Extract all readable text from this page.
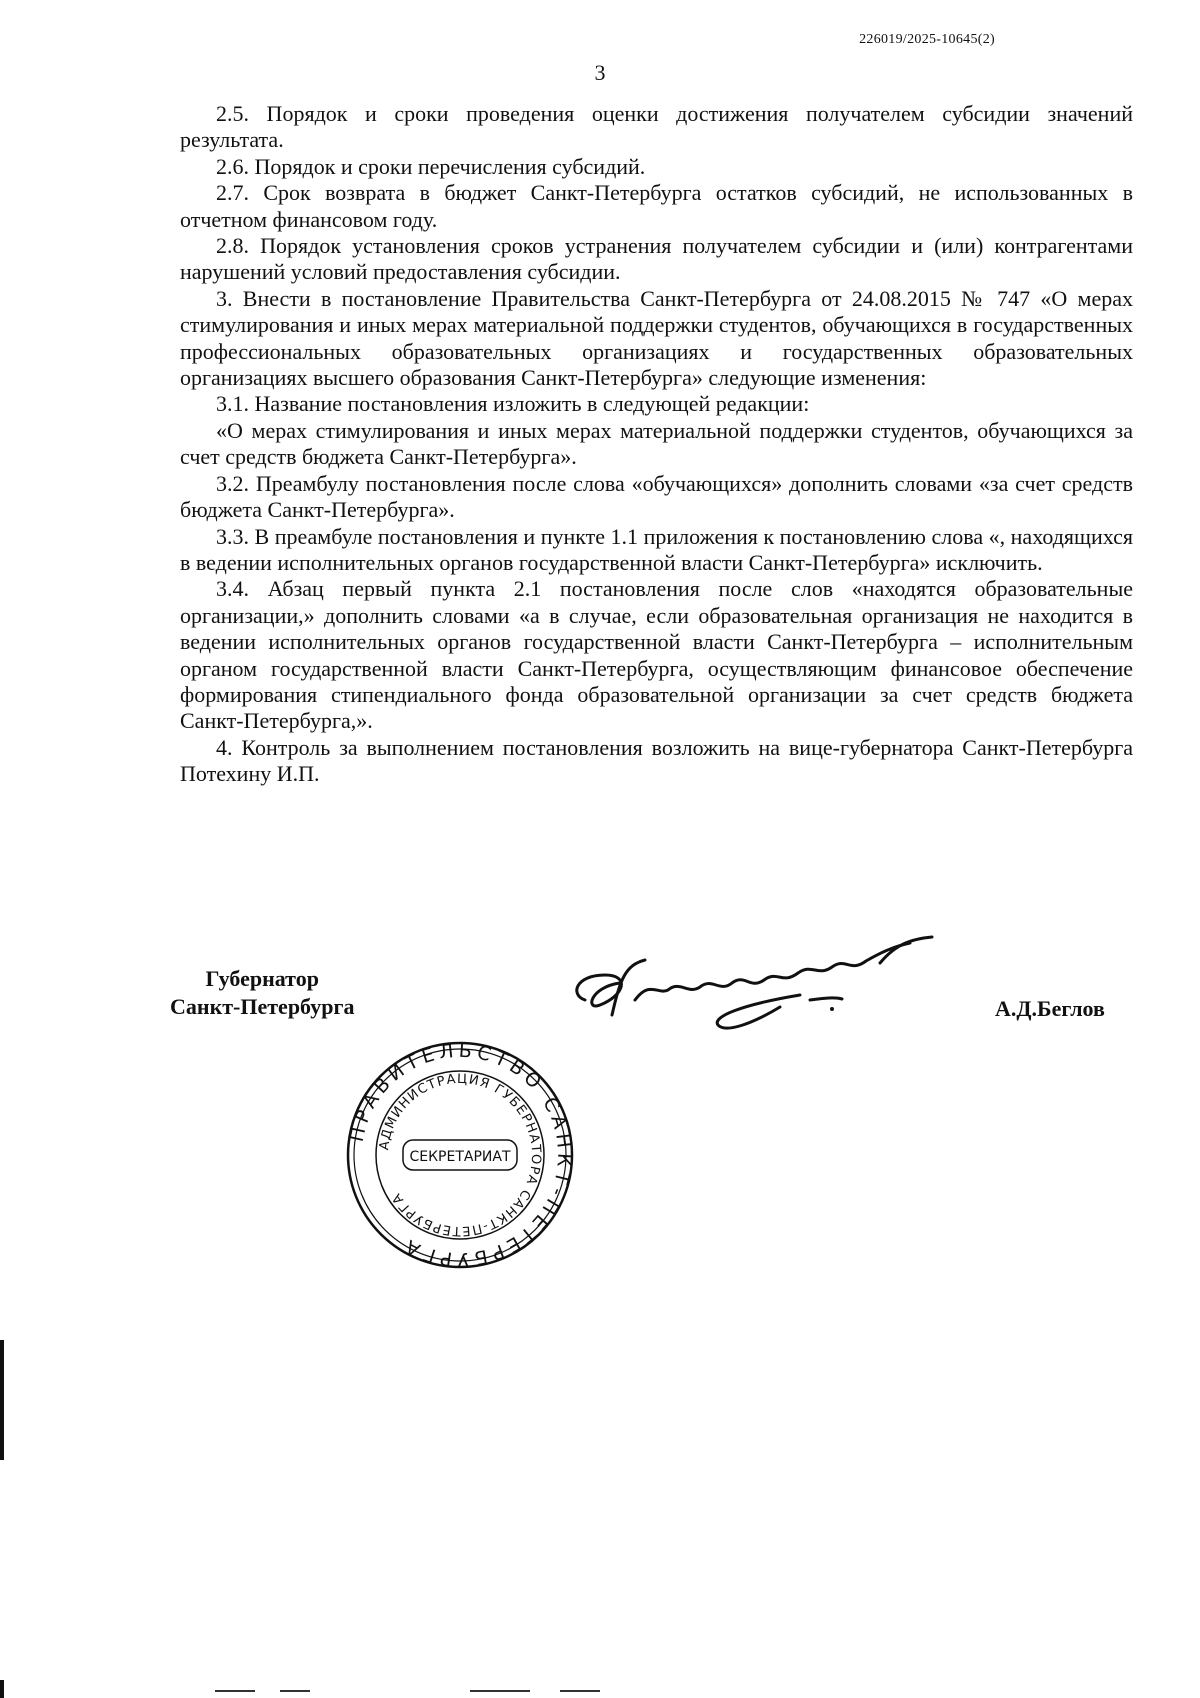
226019/2025-10645(2)
3

2.5. Порядок и сроки проведения оценки достижения получателем субсидии значений результата.

2.6. Порядок и сроки перечисления субсидий.

2.7. Срок возврата в бюджет Санкт-Петербурга остатков субсидий, не использованных в отчетном финансовом году.

2.8. Порядок установления сроков устранения получателем субсидии и (или) контрагентами нарушений условий предоставления субсидии.

3. Внести в постановление Правительства Санкт-Петербурга от 24.08.2015 № 747 «О мерах стимулирования и иных мерах материальной поддержки студентов, обучающихся в государственных профессиональных образовательных организациях и государственных образовательных организациях высшего образования Санкт-Петербурга» следующие изменения:

3.1. Название постановления изложить в следующей редакции:

«О мерах стимулирования и иных мерах материальной поддержки студентов, обучающихся за счет средств бюджета Санкт-Петербурга».

3.2. Преамбулу постановления после слова «обучающихся» дополнить словами «за счет средств бюджета Санкт-Петербурга».

3.3. В преамбуле постановления и пункте 1.1 приложения к постановлению слова «, находящихся в ведении исполнительных органов государственной власти Санкт-Петербурга» исключить.

3.4. Абзац первый пункта 2.1 постановления после слов «находятся образовательные организации,» дополнить словами «а в случае, если образовательная организация не находится в ведении исполнительных органов государственной власти Санкт-Петербурга – исполнительным органом государственной власти Санкт-Петербурга, осуществляющим финансовое обеспечение формирования стипендиального фонда образовательной организации за счет средств бюджета Санкт-Петербурга,».

4. Контроль за выполнением постановления возложить на вице-губернатора Санкт-Петербурга Потехину И.П.

Губернатор
Санкт-Петербурга	А.Д.Беглов
ПРАВИТЕЛЬСТВО САНКТ-ПЕТЕРБУРГА
АДМИНИСТРАЦИЯ ГУБЕРНАТОРА САНКТ-ПЕТЕРБУРГА
СЕКРЕТАРИАТ
